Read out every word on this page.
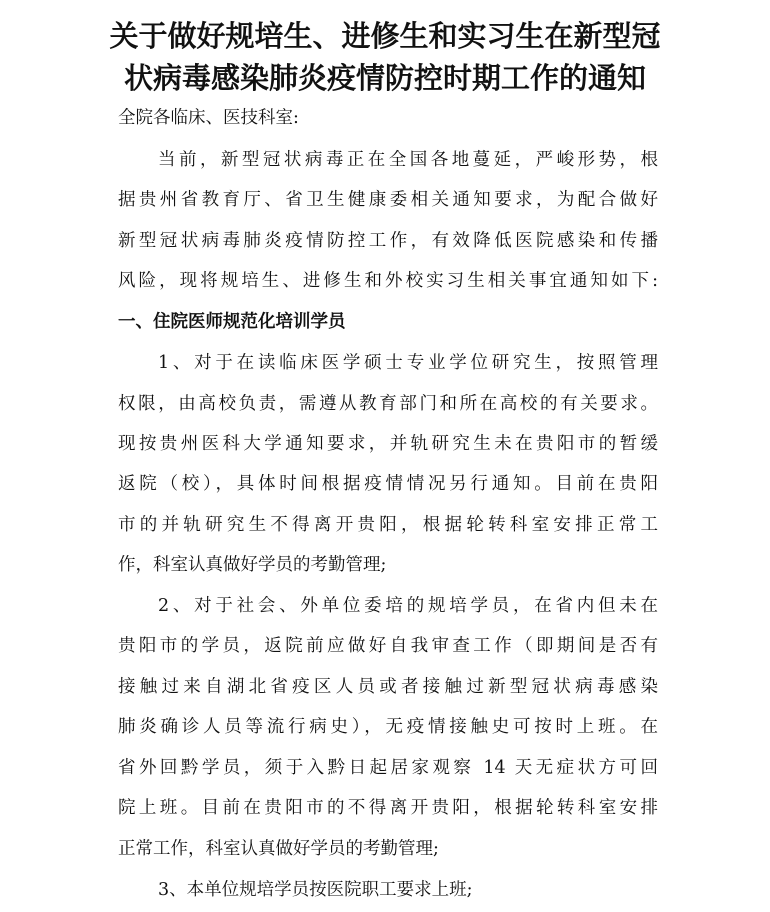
关于做好规培生、进修生和实习生在新型冠
状病毒感染肺炎疫情防控时期工作的通知

全院各临床、医技科室:

当前，新型冠状病毒正在全国各地蔓延，严峻形势，根

据贵州省教育厅、省卫生健康委相关通知要求，为配合做好

新型冠状病毒肺炎疫情防控工作，有效降低医院感染和传播

风险，现将规培生、进修生和外校实习生相关事宜通知如下:

一、住院医师规范化培训学员

1、对于在读临床医学硕士专业学位研究生，按照管理

权限，由高校负责，需遵从教育部门和所在高校的有关要求。

现按贵州医科大学通知要求，并轨研究生未在贵阳市的暂缓

返院（校），具体时间根据疫情情况另行通知。目前在贵阳

市的并轨研究生不得离开贵阳，根据轮转科室安排正常工

作，科室认真做好学员的考勤管理;

2、对于社会、外单位委培的规培学员，在省内但未在

贵阳市的学员，返院前应做好自我审查工作（即期间是否有

接触过来自湖北省疫区人员或者接触过新型冠状病毒感染

肺炎确诊人员等流行病史），无疫情接触史可按时上班。在

省外回黔学员，须于入黔日起居家观察 14 天无症状方可回

院上班。目前在贵阳市的不得离开贵阳，根据轮转科室安排

正常工作，科室认真做好学员的考勤管理;

3、本单位规培学员按医院职工要求上班;
